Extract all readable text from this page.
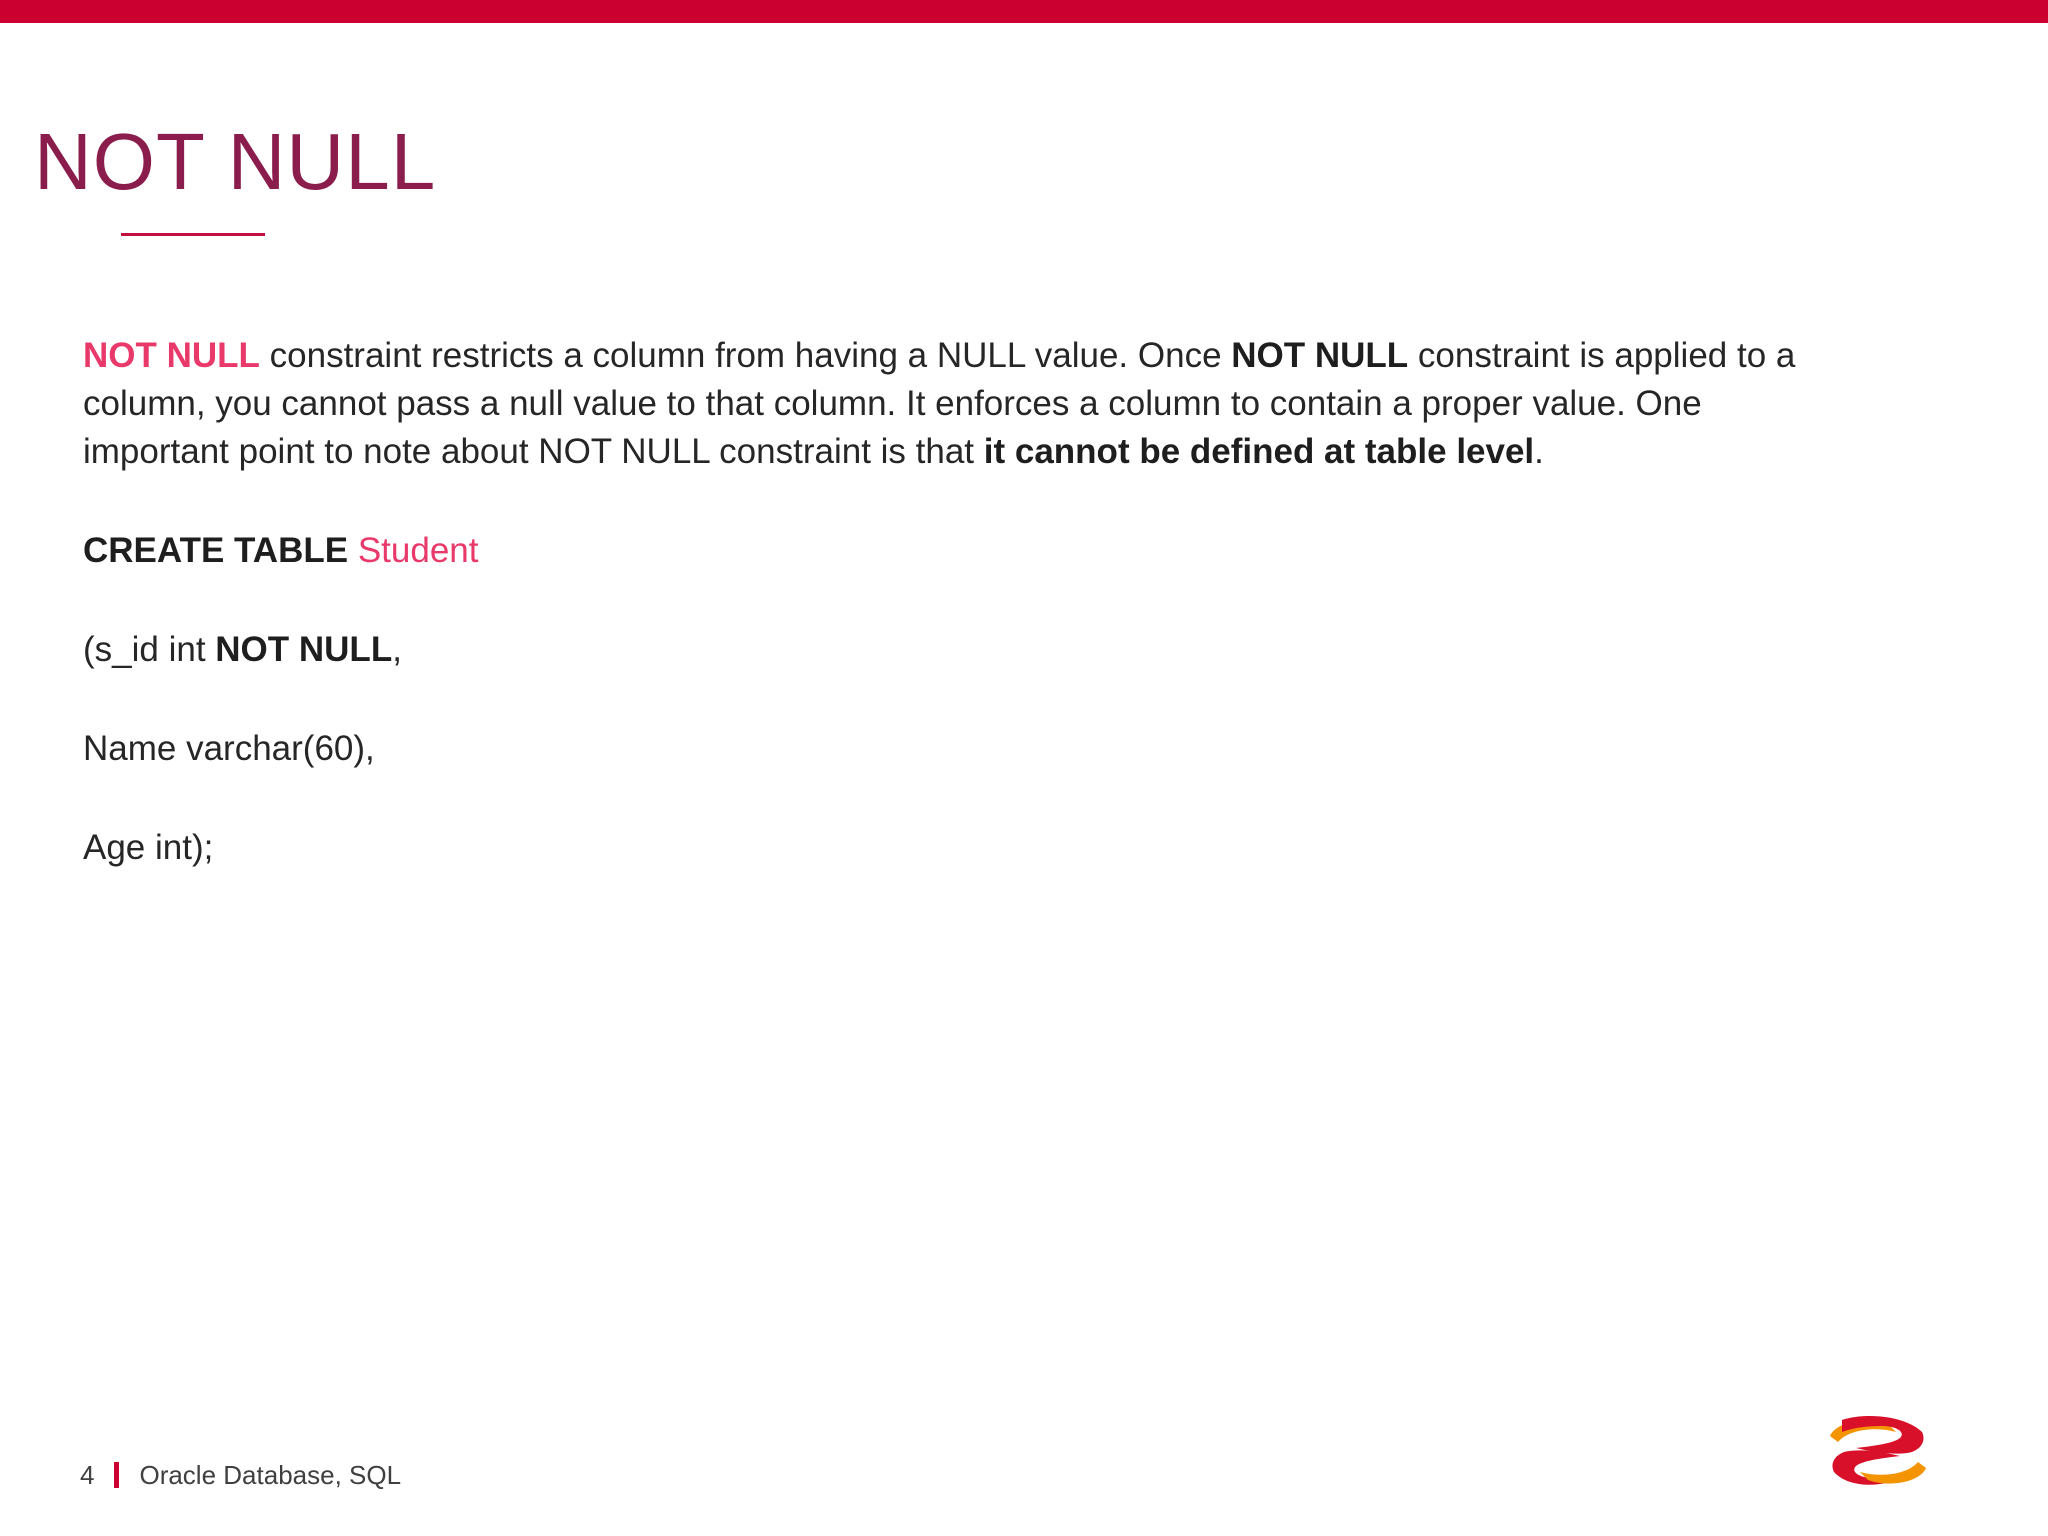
NOT NULL

NOT NULL constraint restricts a column from having a NULL value. Once NOT NULL constraint is applied to a column, you cannot pass a null value to that column. It enforces a column to contain a proper value. One important point to note about NOT NULL constraint is that it cannot be defined at table level.

CREATE TABLE Student

(s_id int NOT NULL,

Name varchar(60),

Age int);

4 Oracle Database, SQL
